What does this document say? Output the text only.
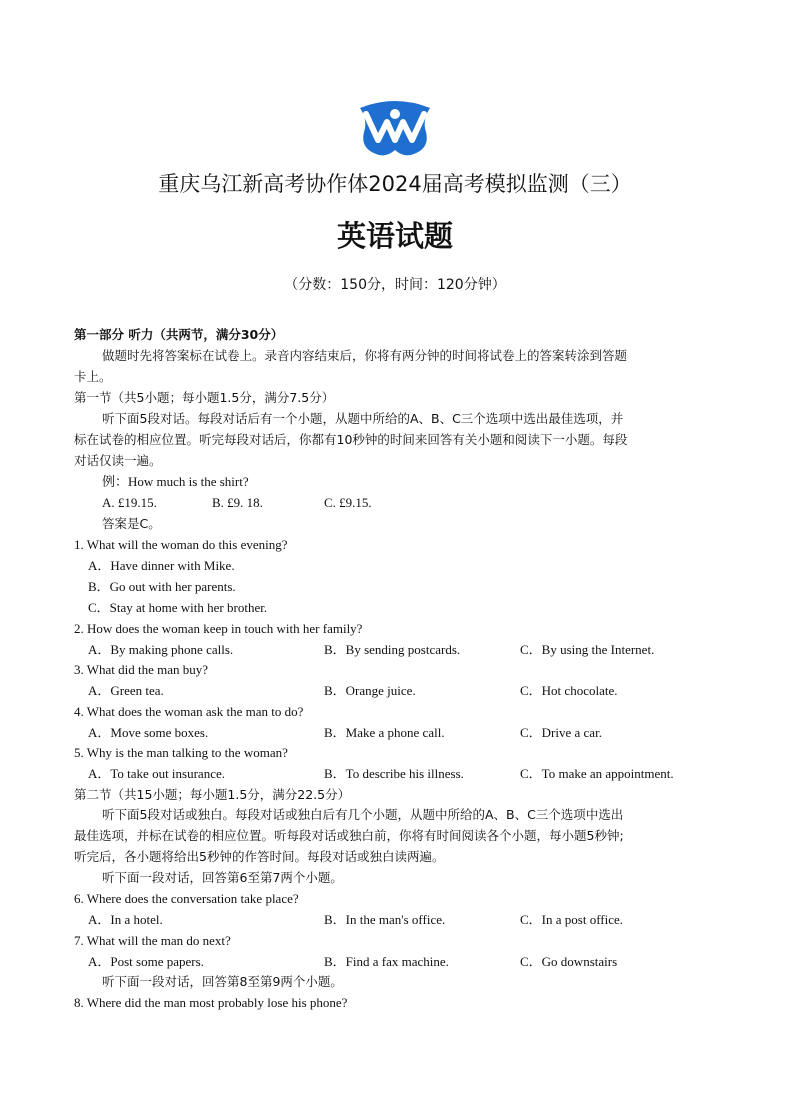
重庆乌江新高考协作体2024届高考模拟监测（三）
英语试题
（分数：150分，时间：120分钟）
第一部分 听力（共两节，满分30分）
做题时先将答案标在试卷上。录音内容结束后，你将有两分钟的时间将试卷上的答案转涂到答题
卡上。
第一节（共5小题；每小题1.5分，满分7.5分）
听下面5段对话。每段对话后有一个小题，从题中所给的A、B、C三个选项中选出最佳选项，并
标在试卷的相应位置。听完每段对话后，你都有10秒钟的时间来回答有关小题和阅读下一小题。每段
对话仅读一遍。
例：How much is the shirt?
A. £19.15.	B. £9. 18.	C. £9.15.
答案是C。
1. What will the woman do this evening?
A．Have dinner with Mike.
B．Go out with her parents.
C．Stay at home with her brother.
2. How does the woman keep in touch with her family?
A．By making phone calls.	B．By sending postcards.	C．By using the Internet.
3. What did the man buy?
A．Green tea.	B．Orange juice.	C．Hot chocolate.
4. What does the woman ask the man to do?
A．Move some boxes.	B．Make a phone call.	C．Drive a car.
5. Why is the man talking to the woman?
A．To take out insurance.	B．To describe his illness.	C．To make an appointment.
第二节（共15小题；每小题1.5分，满分22.5分）
听下面5段对话或独白。每段对话或独白后有几个小题，从题中所给的A、B、C三个选项中选出
最佳选项，并标在试卷的相应位置。听每段对话或独白前，你将有时间阅读各个小题，每小题5秒钟;
听完后，各小题将给出5秒钟的作答时间。每段对话或独白读两遍。
听下面一段对话，回答第6至第7两个小题。
6. Where does the conversation take place?
A．In a hotel.	B．In the man's office.	C．In a post office.
7. What will the man do next?
A．Post some papers.	B．Find a fax machine.	C．Go downstairs
听下面一段对话，回答第8至第9两个小题。
8. Where did the man most probably lose his phone?
